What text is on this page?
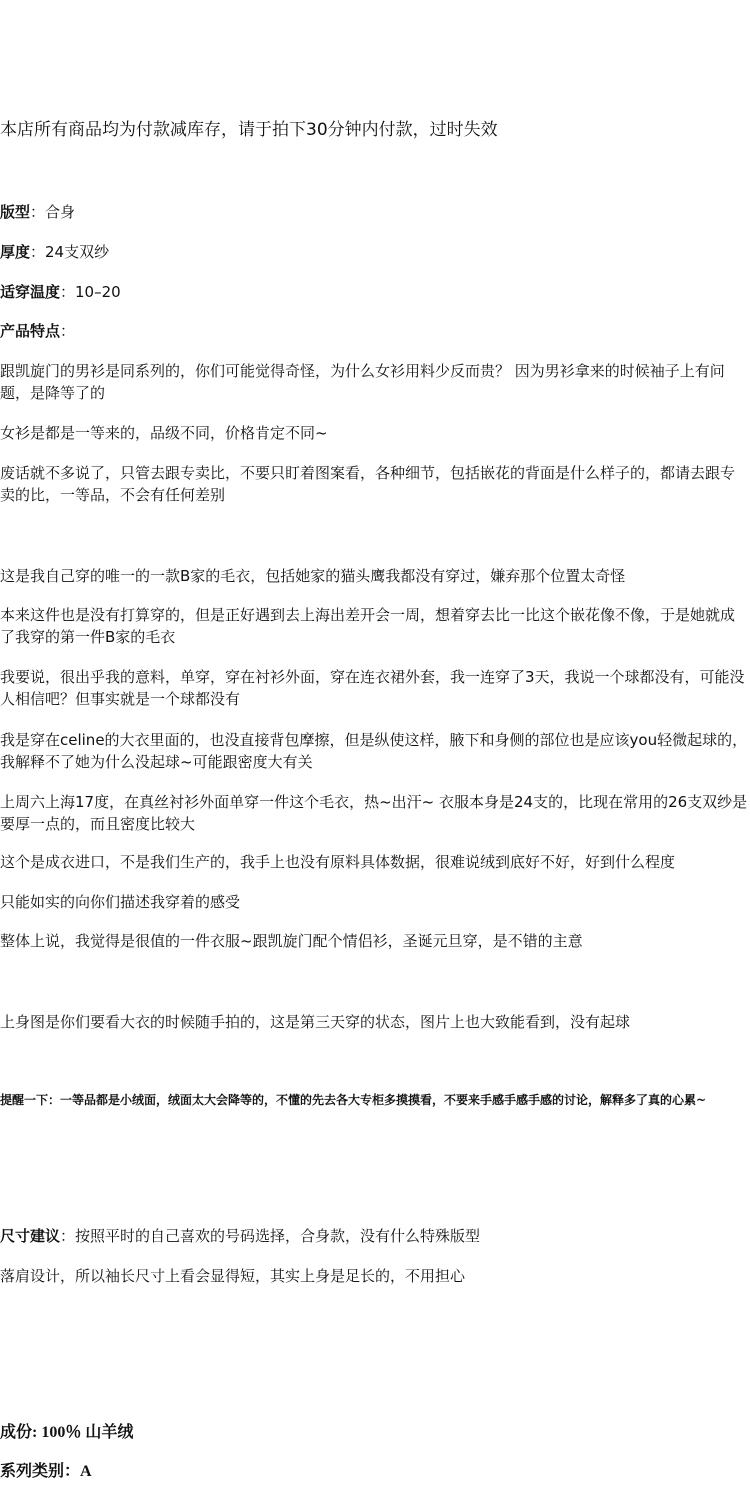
本店所有商品均为付款减库存，请于拍下30分钟内付款，过时失效
版型：合身
厚度：24支双纱
适穿温度：10–20
产品特点：
跟凯旋门的男衫是同系列的，你们可能觉得奇怪，为什么女衫用料少反而贵？ 因为男衫拿来的时候袖子上有问题，是降等了的
女衫是都是一等来的，品级不同，价格肯定不同~
废话就不多说了，只管去跟专卖比，不要只盯着图案看，各种细节，包括嵌花的背面是什么样子的，都请去跟专卖的比，一等品，不会有任何差别
这是我自己穿的唯一的一款B家的毛衣，包括她家的猫头鹰我都没有穿过，嫌弃那个位置太奇怪
本来这件也是没有打算穿的，但是正好遇到去上海出差开会一周，想着穿去比一比这个嵌花像不像，于是她就成了我穿的第一件B家的毛衣
我要说，很出乎我的意料，单穿，穿在衬衫外面，穿在连衣裙外套，我一连穿了3天，我说一个球都没有，可能没人相信吧？但事实就是一个球都没有
我是穿在celine的大衣里面的，也没直接背包摩擦，但是纵使这样，腋下和身侧的部位也是应该you轻微起球的，我解释不了她为什么没起球~可能跟密度大有关
上周六上海17度，在真丝衬衫外面单穿一件这个毛衣，热~出汗~ 衣服本身是24支的，比现在常用的26支双纱是要厚一点的，而且密度比较大
这个是成衣进口，不是我们生产的，我手上也没有原料具体数据，很难说绒到底好不好，好到什么程度
只能如实的向你们描述我穿着的感受
整体上说，我觉得是很值的一件衣服~跟凯旋门配个情侣衫，圣诞元旦穿，是不错的主意
上身图是你们要看大衣的时候随手拍的，这是第三天穿的状态，图片上也大致能看到，没有起球
提醒一下：一等品都是小绒面，绒面太大会降等的，不懂的先去各大专柜多摸摸看，不要来手感手感手感的讨论，解释多了真的心累~
尺寸建议：按照平时的自己喜欢的号码选择，合身款，没有什么特殊版型
落肩设计，所以袖长尺寸上看会显得短，其实上身是足长的，不用担心
成份: 100％ 山羊绒
系列类别：A
